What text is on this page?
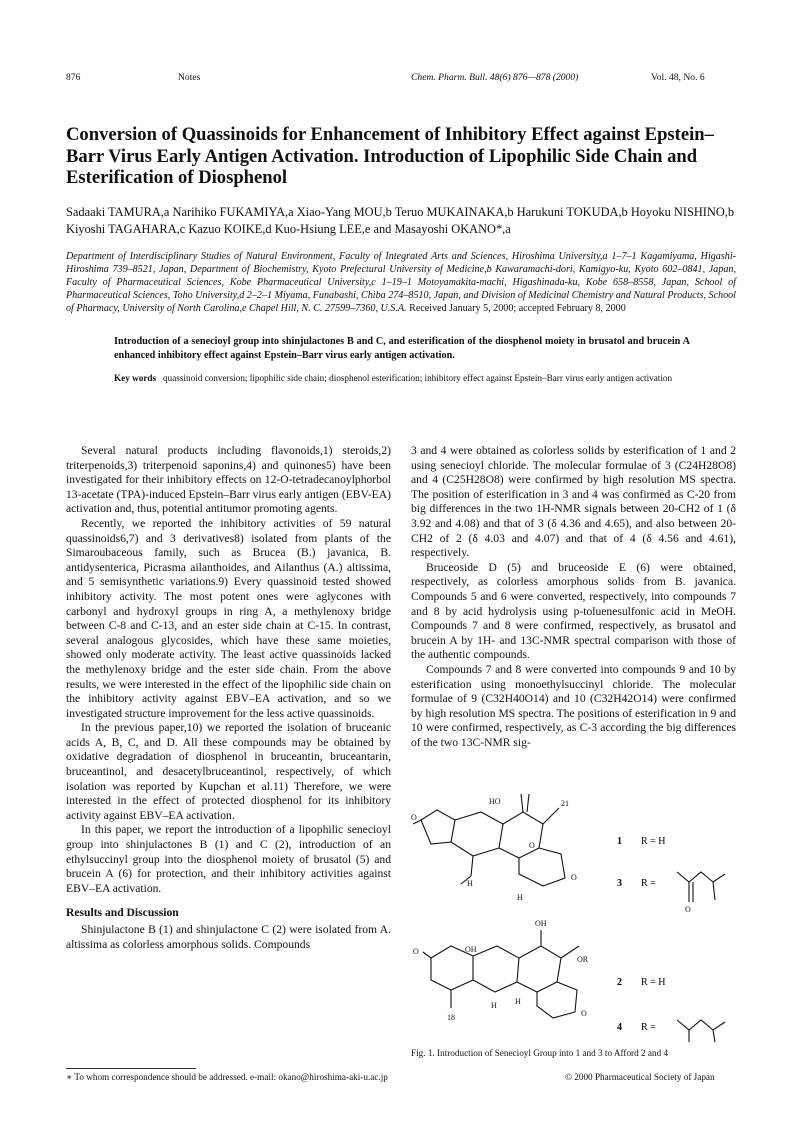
876	Notes	Chem. Pharm. Bull. 48(6) 876—878 (2000)	Vol. 48, No. 6
Conversion of Quassinoids for Enhancement of Inhibitory Effect against Epstein–Barr Virus Early Antigen Activation. Introduction of Lipophilic Side Chain and Esterification of Diosphenol
Sadaaki TAMURA,a Narihiko FUKAMIYA,a Xiao-Yang MOU,b Teruo MUKAINAKA,b Harukuni TOKUDA,b Hoyoku NISHINO,b Kiyoshi TAGAHARA,c Kazuo KOIKE,d Kuo-Hsiung LEE,e and Masayoshi OKANO*,a
Department of Interdisciplinary Studies of Natural Environment, Faculty of Integrated Arts and Sciences, Hiroshima University,a 1–7–1 Kagamiyama, Higashi-Hiroshima 739–8521, Japan, Department of Biochemistry, Kyoto Prefectural University of Medicine,b Kawaramachi-dori, Kamigyo-ku, Kyoto 602–0841, Japan, Faculty of Pharmaceutical Sciences, Kobe Pharmaceutical University,c 1–19–1 Motoyamakita-machi, Higashinada-ku, Kobe 658–8558, Japan, School of Pharmaceutical Sciences, Toho University,d 2–2–1 Miyama, Funabashi, Chiba 274–8510, Japan, and Division of Medicinal Chemistry and Natural Products, School of Pharmacy, University of North Carolina,e Chapel Hill, N. C. 27599–7360, U.S.A. Received January 5, 2000; accepted February 8, 2000
Introduction of a senecioyl group into shinjulactones B and C, and esterification of the diosphenol moiety in brusatol and brucein A enhanced inhibitory effect against Epstein–Barr virus early antigen activation.
Key words quassinoid conversion; lipophilic side chain; diosphenol esterification; inhibitory effect against Epstein–Barr virus early antigen activation

Several natural products including flavonoids,1) steroids,2) triterpenoids,3) triterpenoid saponins,4) and quinones5) have been investigated for their inhibitory effects on 12-O-tetradecanoylphorbol 13-acetate (TPA)-induced Epstein–Barr virus early antigen (EBV-EA) activation and, thus, potential antitumor promoting agents.

Recently, we reported the inhibitory activities of 59 natural quassinoids6,7) and 3 derivatives8) isolated from plants of the Simaroubaceous family, such as Brucea (B.) javanica, B. antidysenterica, Picrasma ailanthoides, and Ailanthus (A.) altissima, and 5 semisynthetic variations.9) Every quassinoid tested showed inhibitory activity. The most potent ones were aglycones with carbonyl and hydroxyl groups in ring A, a methylenoxy bridge between C-8 and C-13, and an ester side chain at C-15. In contrast, several analogous glycosides, which have these same moieties, showed only moderate activity. The least active quassinoids lacked the methylenoxy bridge and the ester side chain. From the above results, we were interested in the effect of the lipophilic side chain on the inhibitory activity against EBV–EA activation, and so we investigated structure improvement for the less active quassinoids.

In the previous paper,10) we reported the isolation of bruceanic acids A, B, C, and D. All these compounds may be obtained by oxidative degradation of diosphenol in bruceantin, bruceantarin, bruceantinol, and desacetylbruceantinol, respectively, of which isolation was reported by Kupchan et al.11) Therefore, we were interested in the effect of protected diosphenol for its inhibitory activity against EBV–EA activation.

In this paper, we report the introduction of a lipophilic senecioyl group into shinjulactones B (1) and C (2), introduction of an ethylsuccinyl group into the diosphenol moiety of brusatol (5) and brucein A (6) for protection, and their inhibitory activities against EBV–EA activation.

Results and Discussion

Shinjulactone B (1) and shinjulactone C (2) were isolated from A. altissima as colorless amorphous solids. Compounds

3 and 4 were obtained as colorless solids by esterification of 1 and 2 using senecioyl chloride. The molecular formulae of 3 (C24H28O8) and 4 (C25H28O8) were confirmed by high resolution MS spectra. The position of esterification in 3 and 4 was confirmed as C-20 from big differences in the two 1H-NMR signals between 20-CH2 of 1 (δ 3.92 and 4.08) and that of 3 (δ 4.36 and 4.65), and also between 20-CH2 of 2 (δ 4.03 and 4.07) and that of 4 (δ 4.56 and 4.61), respectively.

Bruceoside D (5) and bruceoside E (6) were obtained, respectively, as colorless amorphous solids from B. javanica. Compounds 5 and 6 were converted, respectively, into compounds 7 and 8 by acid hydrolysis using p-toluenesulfonic acid in MeOH. Compounds 7 and 8 were confirmed, respectively, as brusatol and brucein A by 1H- and 13C-NMR spectral comparison with those of the authentic compounds.

Compounds 7 and 8 were converted into compounds 9 and 10 by esterification using monoethylsuccinyl chloride. The molecular formulae of 9 (C32H40O14) and 10 (C32H42O14) were confirmed by high resolution MS spectra. The positions of esterification in 9 and 10 were confirmed, respectively, as C-3 according the big differences of the two 13C-NMR sig-

HO	21
O
O
O
H
H
O
OH
OH
OR
O
O
H
H
18
1 R = H
3 R =
2 R = H
4 R =
Fig. 1. Introduction of Senecioyl Group into 1 and 3 to Afford 2 and 4
∗ To whom correspondence should be addressed. e-mail: okano@hiroshima-aki-u.ac.jp	© 2000 Pharmaceutical Society of Japan
